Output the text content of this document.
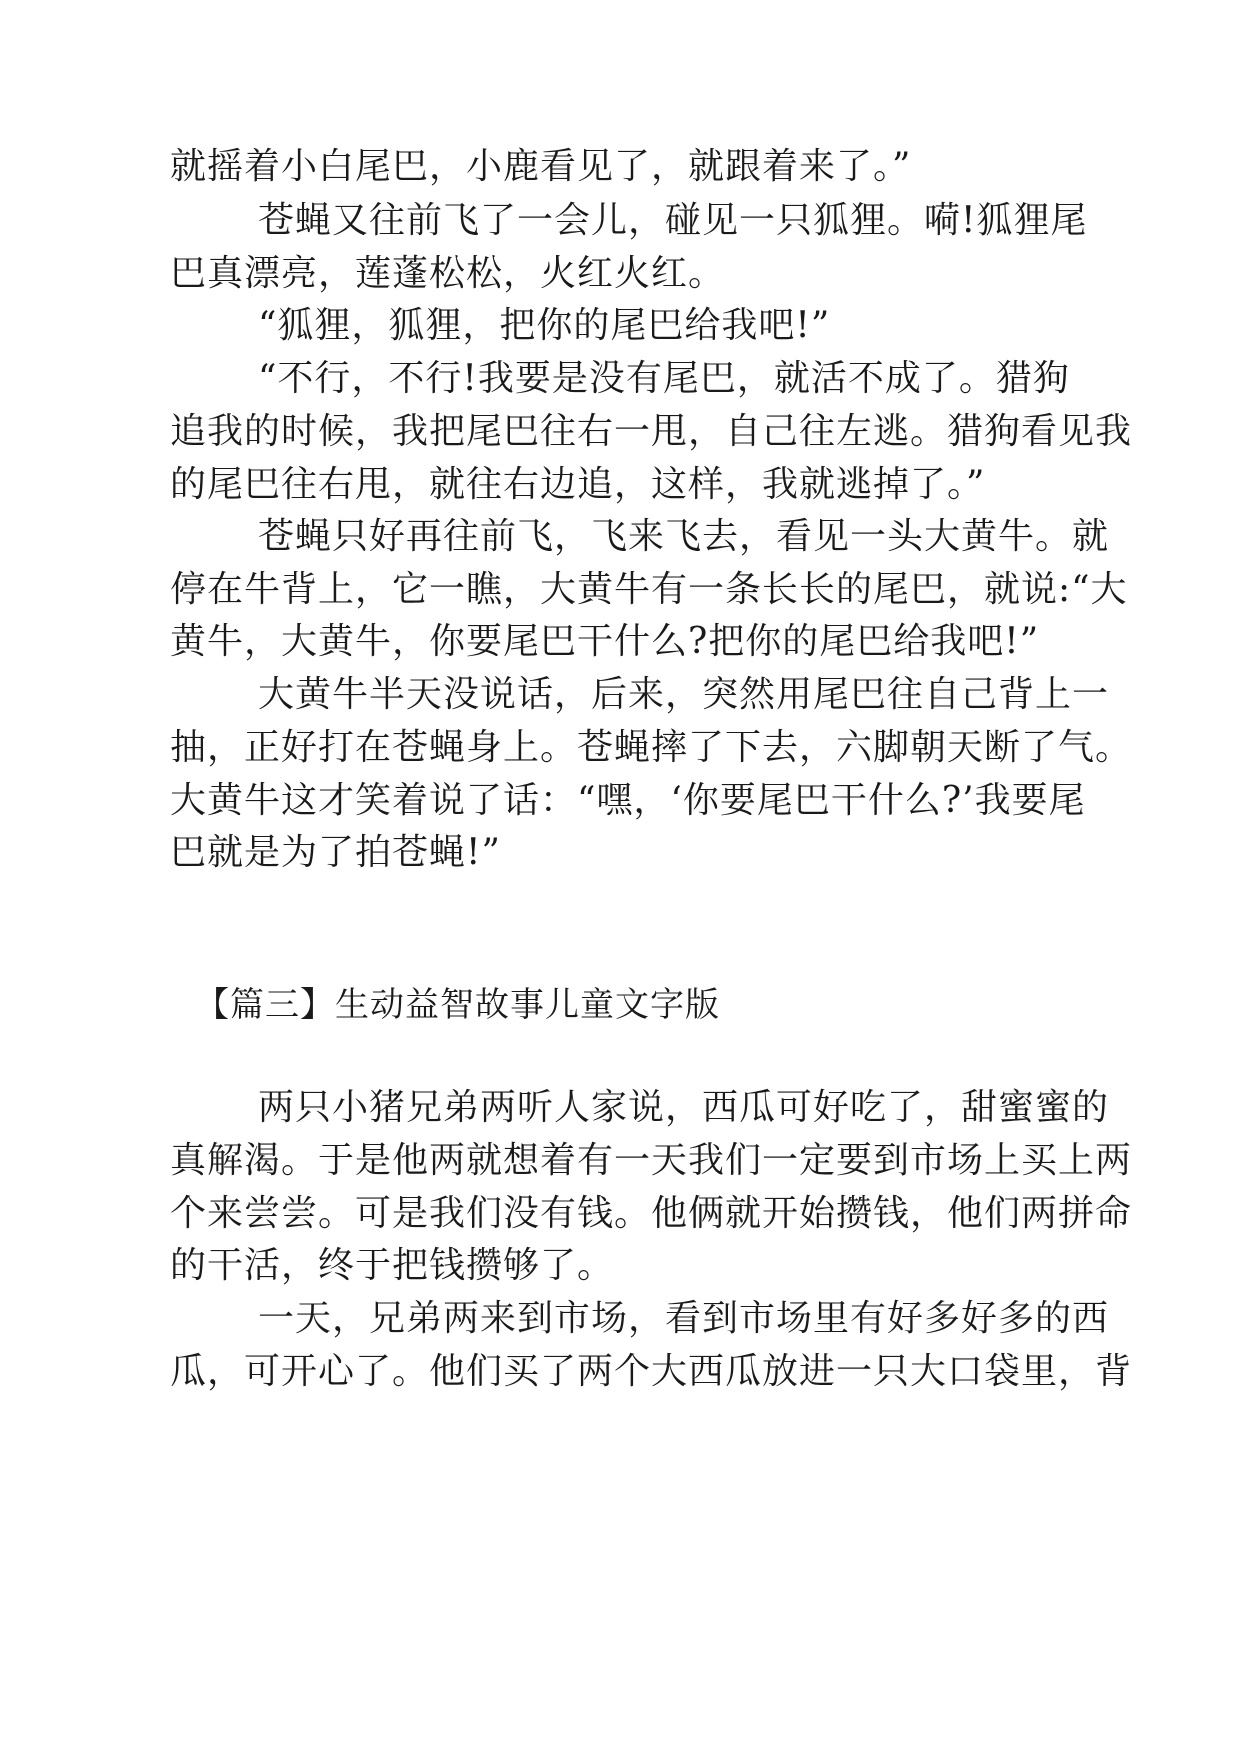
就摇着小白尾巴，小鹿看见了，就跟着来了。”
苍蝇又往前飞了一会儿，碰见一只狐狸。嗬!狐狸尾
巴真漂亮，莲蓬松松，火红火红。
“狐狸，狐狸，把你的尾巴给我吧!”
“不行，不行!我要是没有尾巴，就活不成了。猎狗
追我的时候，我把尾巴往右一甩，自己往左逃。猎狗看见我
的尾巴往右甩，就往右边追，这样，我就逃掉了。”
苍蝇只好再往前飞，飞来飞去，看见一头大黄牛。就
停在牛背上，它一瞧，大黄牛有一条长长的尾巴，就说:“大
黄牛，大黄牛，你要尾巴干什么?把你的尾巴给我吧!”
大黄牛半天没说话，后来，突然用尾巴往自己背上一
抽，正好打在苍蝇身上。苍蝇摔了下去，六脚朝天断了气。
大黄牛这才笑着说了话：“嘿，‘你要尾巴干什么?’我要尾
巴就是为了拍苍蝇!”
【篇三】生动益智故事儿童文字版
两只小猪兄弟两听人家说，西瓜可好吃了，甜蜜蜜的
真解渴。于是他两就想着有一天我们一定要到市场上买上两
个来尝尝。可是我们没有钱。他俩就开始攒钱，他们两拼命
的干活，终于把钱攒够了。
一天，兄弟两来到市场，看到市场里有好多好多的西
瓜，可开心了。他们买了两个大西瓜放进一只大口袋里，背
